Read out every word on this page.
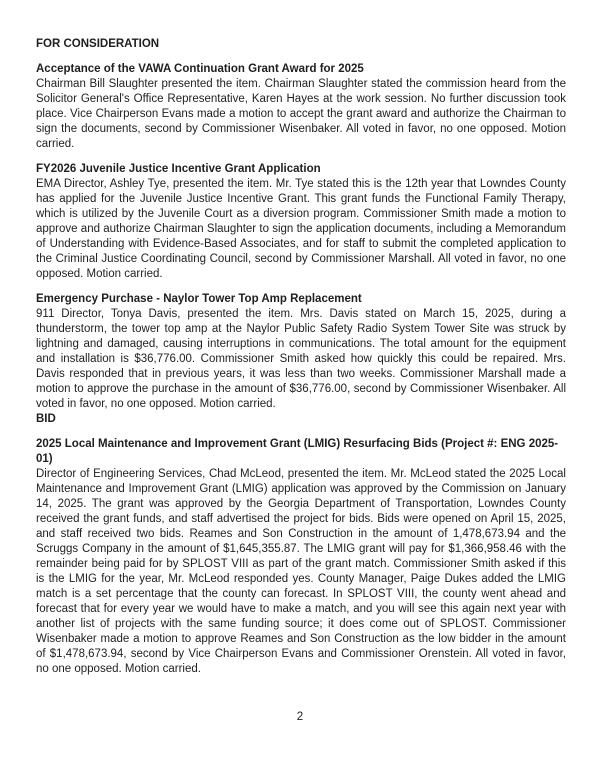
FOR CONSIDERATION
Acceptance of the VAWA Continuation Grant Award for 2025

Chairman Bill Slaughter presented the item. Chairman Slaughter stated the commission heard from the Solicitor General's Office Representative, Karen Hayes at the work session. No further discussion took place. Vice Chairperson Evans made a motion to accept the grant award and authorize the Chairman to sign the documents, second by Commissioner Wisenbaker. All voted in favor, no one opposed. Motion carried.

FY2026 Juvenile Justice Incentive Grant Application

EMA Director, Ashley Tye, presented the item. Mr. Tye stated this is the 12th year that Lowndes County has applied for the Juvenile Justice Incentive Grant. This grant funds the Functional Family Therapy, which is utilized by the Juvenile Court as a diversion program. Commissioner Smith made a motion to approve and authorize Chairman Slaughter to sign the application documents, including a Memorandum of Understanding with Evidence-Based Associates, and for staff to submit the completed application to the Criminal Justice Coordinating Council, second by Commissioner Marshall. All voted in favor, no one opposed. Motion carried.

Emergency Purchase - Naylor Tower Top Amp Replacement

911 Director, Tonya Davis, presented the item. Mrs. Davis stated on March 15, 2025, during a thunderstorm, the tower top amp at the Naylor Public Safety Radio System Tower Site was struck by lightning and damaged, causing interruptions in communications. The total amount for the equipment and installation is $36,776.00. Commissioner Smith asked how quickly this could be repaired. Mrs. Davis responded that in previous years, it was less than two weeks. Commissioner Marshall made a motion to approve the purchase in the amount of $36,776.00, second by Commissioner Wisenbaker. All voted in favor, no one opposed. Motion carried.

BID
2025 Local Maintenance and Improvement Grant (LMIG) Resurfacing Bids (Project #: ENG 2025-01)

Director of Engineering Services, Chad McLeod, presented the item. Mr. McLeod stated the 2025 Local Maintenance and Improvement Grant (LMIG) application was approved by the Commission on January 14, 2025. The grant was approved by the Georgia Department of Transportation, Lowndes County received the grant funds, and staff advertised the project for bids. Bids were opened on April 15, 2025, and staff received two bids. Reames and Son Construction in the amount of 1,478,673.94 and the Scruggs Company in the amount of $1,645,355.87. The LMIG grant will pay for $1,366,958.46 with the remainder being paid for by SPLOST VIII as part of the grant match. Commissioner Smith asked if this is the LMIG for the year, Mr. McLeod responded yes. County Manager, Paige Dukes added the LMIG match is a set percentage that the county can forecast. In SPLOST VIII, the county went ahead and forecast that for every year we would have to make a match, and you will see this again next year with another list of projects with the same funding source; it does come out of SPLOST. Commissioner Wisenbaker made a motion to approve Reames and Son Construction as the low bidder in the amount of $1,478,673.94, second by Vice Chairperson Evans and Commissioner Orenstein. All voted in favor, no one opposed. Motion carried.

2
